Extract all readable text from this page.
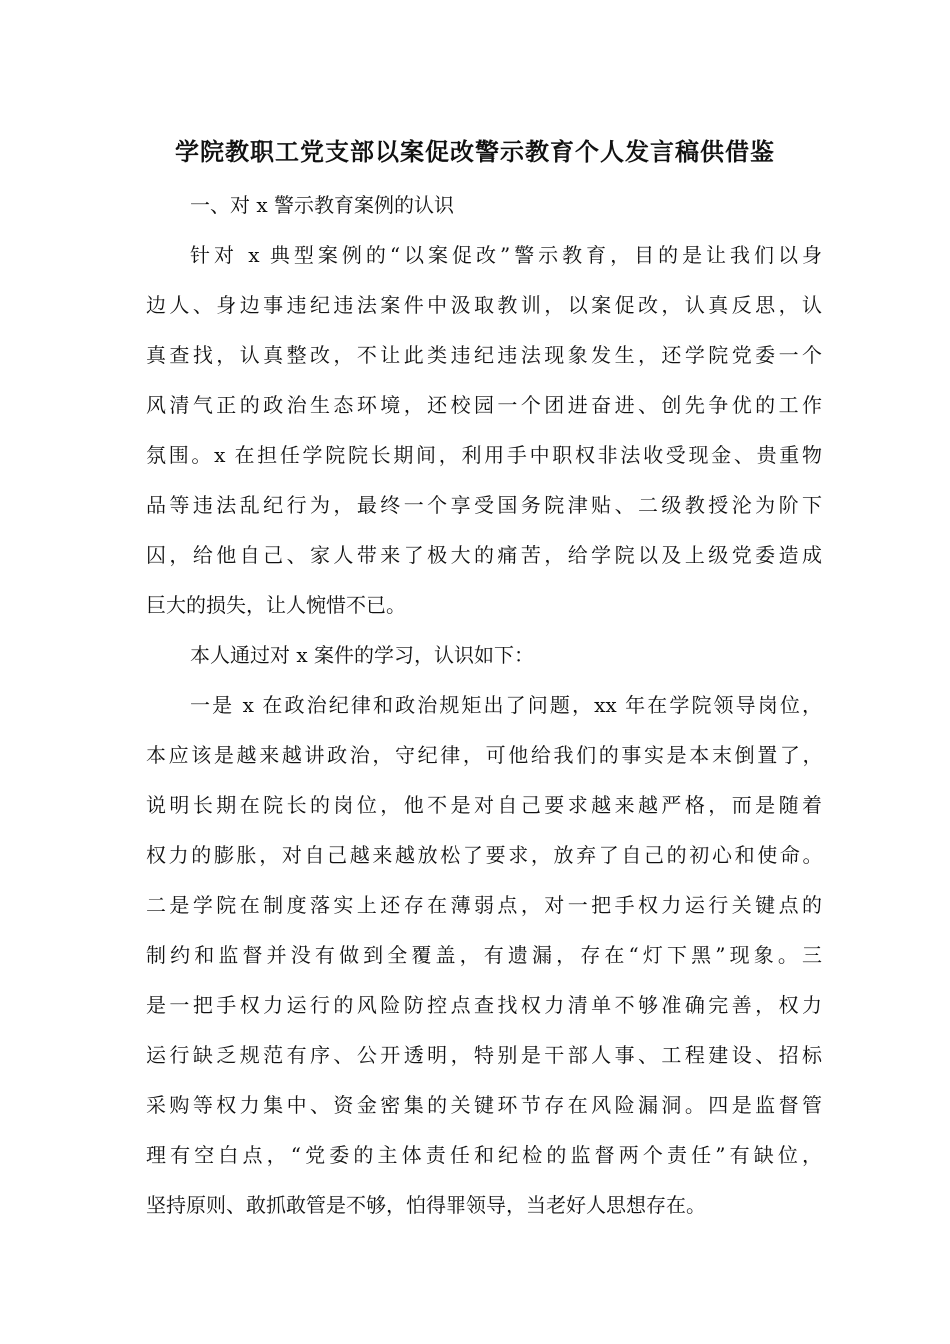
学院教职工党支部以案促改警示教育个人发言稿供借鉴
一、对 x 警示教育案例的认识
针对 x 典型案例的“以案促改”警示教育，目的是让我们以身
边人、身边事违纪违法案件中汲取教训，以案促改，认真反思，认
真查找，认真整改，不让此类违纪违法现象发生，还学院党委一个
风清气正的政治生态环境，还校园一个团进奋进、创先争优的工作
氛围。x 在担任学院院长期间，利用手中职权非法收受现金、贵重物
品等违法乱纪行为，最终一个享受国务院津贴、二级教授沦为阶下
囚，给他自己、家人带来了极大的痛苦，给学院以及上级党委造成
巨大的损失，让人惋惜不已。
本人通过对 x 案件的学习，认识如下：
一是 x 在政治纪律和政治规矩出了问题，xx 年在学院领导岗位，
本应该是越来越讲政治，守纪律，可他给我们的事实是本末倒置了，
说明长期在院长的岗位，他不是对自己要求越来越严格，而是随着
权力的膨胀，对自己越来越放松了要求，放弃了自己的初心和使命。
二是学院在制度落实上还存在薄弱点，对一把手权力运行关键点的
制约和监督并没有做到全覆盖，有遗漏，存在“灯下黑”现象。三
是一把手权力运行的风险防控点查找权力清单不够准确完善，权力
运行缺乏规范有序、公开透明，特别是干部人事、工程建设、招标
采购等权力集中、资金密集的关键环节存在风险漏洞。四是监督管
理有空白点，“党委的主体责任和纪检的监督两个责任”有缺位，
坚持原则、敢抓敢管是不够，怕得罪领导，当老好人思想存在。
